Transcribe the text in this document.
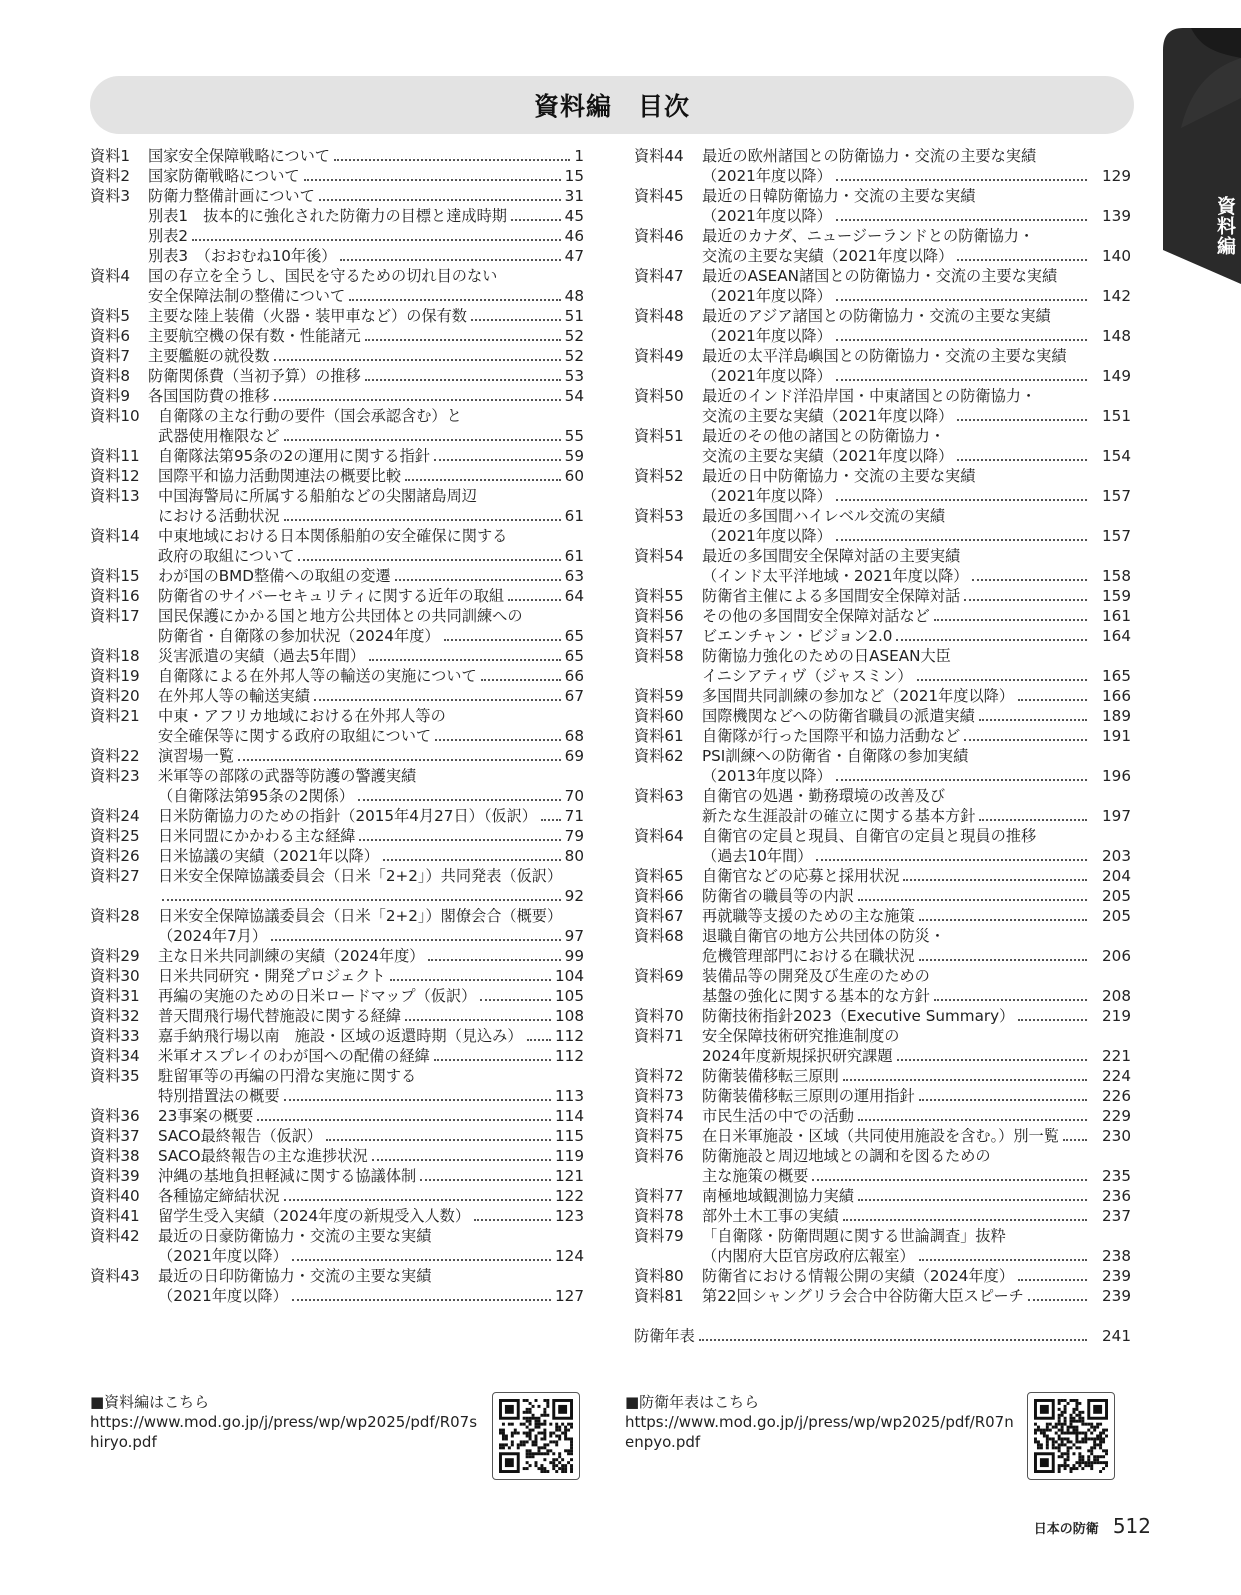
資料編
資料編　目次
資料1	国家安全保障戦略について	1
資料2	国家防衛戦略について	15
資料3	防衛力整備計画について	31
別表1　抜本的に強化された防衛力の目標と達成時期	45
別表2	46
別表3　（おおむね10年後）	47
資料4	国の存立を全うし、国民を守るための切れ目のない
安全保障法制の整備について	48
資料5	主要な陸上装備（火器・装甲車など）の保有数	51
資料6	主要航空機の保有数・性能諸元	52
資料7	主要艦艇の就役数	52
資料8	防衛関係費（当初予算）の推移	53
資料9	各国国防費の推移	54
資料10	自衛隊の主な行動の要件（国会承認含む）と
武器使用権限など	55
資料11	自衛隊法第95条の2の運用に関する指針	59
資料12	国際平和協力活動関連法の概要比較	60
資料13	中国海警局に所属する船舶などの尖閣諸島周辺
における活動状況	61
資料14	中東地域における日本関係船舶の安全確保に関する
政府の取組について	61
資料15	わが国のBMD整備への取組の変遷	63
資料16	防衛省のサイバーセキュリティに関する近年の取組	64
資料17	国民保護にかかる国と地方公共団体との共同訓練への
防衛省・自衛隊の参加状況（2024年度）	65
資料18	災害派遣の実績（過去5年間）	65
資料19	自衛隊による在外邦人等の輸送の実施について	66
資料20	在外邦人等の輸送実績	67
資料21	中東・アフリカ地域における在外邦人等の
安全確保等に関する政府の取組について	68
資料22	演習場一覧	69
資料23	米軍等の部隊の武器等防護の警護実績
（自衛隊法第95条の2関係）	70
資料24	日米防衛協力のための指針（2015年4月27日）（仮訳） 71
資料25	日米同盟にかかわる主な経緯	79
資料26	日米協議の実績（2021年以降）	80
資料27	日米安全保障協議委員会（日米「2+2」）共同発表（仮訳）
92
資料28	日米安全保障協議委員会（日米「2+2」）閣僚会合（概要）
（2024年7月）	97
資料29	主な日米共同訓練の実績（2024年度）	99
資料30	日米共同研究・開発プロジェクト	104
資料31	再編の実施のための日米ロードマップ（仮訳）	105
資料32	普天間飛行場代替施設に関する経緯	108
資料33	嘉手納飛行場以南　施設・区域の返還時期（見込み） 112
資料34	米軍オスプレイのわが国への配備の経緯	112
資料35	駐留軍等の再編の円滑な実施に関する
特別措置法の概要	113
資料36	23事案の概要	114
資料37	SACO最終報告（仮訳）	115
資料38	SACO最終報告の主な進捗状況	119
資料39	沖縄の基地負担軽減に関する協議体制	121
資料40	各種協定締結状況	122
資料41	留学生受入実績（2024年度の新規受入人数）	123
資料42	最近の日豪防衛協力・交流の主要な実績
（2021年度以降）	124
資料43	最近の日印防衛協力・交流の主要な実績
（2021年度以降）	127
資料44	最近の欧州諸国との防衛協力・交流の主要な実績
（2021年度以降）	129
資料45	最近の日韓防衛協力・交流の主要な実績
（2021年度以降）	139
資料46	最近のカナダ、ニュージーランドとの防衛協力・
交流の主要な実績（2021年度以降）	140
資料47	最近のASEAN諸国との防衛協力・交流の主要な実績
（2021年度以降）	142
資料48	最近のアジア諸国との防衛協力・交流の主要な実績
（2021年度以降）	148
資料49	最近の太平洋島嶼国との防衛協力・交流の主要な実績
（2021年度以降）	149
資料50	最近のインド洋沿岸国・中東諸国との防衛協力・
交流の主要な実績（2021年度以降）	151
資料51	最近のその他の諸国との防衛協力・
交流の主要な実績（2021年度以降）	154
資料52	最近の日中防衛協力・交流の主要な実績
（2021年度以降）	157
資料53	最近の多国間ハイレベル交流の実績
（2021年度以降）	157
資料54	最近の多国間安全保障対話の主要実績
（インド太平洋地域・2021年度以降）	158
資料55	防衛省主催による多国間安全保障対話	159
資料56	その他の多国間安全保障対話など	161
資料57	ビエンチャン・ビジョン2.0	164
資料58	防衛協力強化のための日ASEAN大臣
イニシアティヴ（ジャスミン）	165
資料59	多国間共同訓練の参加など（2021年度以降）	166
資料60	国際機関などへの防衛省職員の派遣実績	189
資料61	自衛隊が行った国際平和協力活動など	191
資料62	PSI訓練への防衛省・自衛隊の参加実績
（2013年度以降）	196
資料63	自衛官の処遇・勤務環境の改善及び
新たな生涯設計の確立に関する基本方針	197
資料64	自衛官の定員と現員、自衛官の定員と現員の推移
（過去10年間）	203
資料65	自衛官などの応募と採用状況	204
資料66	防衛省の職員等の内訳	205
資料67	再就職等支援のための主な施策	205
資料68	退職自衛官の地方公共団体の防災・
危機管理部門における在職状況	206
資料69	装備品等の開発及び生産のための
基盤の強化に関する基本的な方針	208
資料70	防衛技術指針2023（Executive Summary）	219
資料71	安全保障技術研究推進制度の
2024年度新規採択研究課題	221
資料72	防衛装備移転三原則	224
資料73	防衛装備移転三原則の運用指針	226
資料74	市民生活の中での活動	229
資料75	在日米軍施設・区域（共同使用施設を含む。）別一覧	230
資料76	防衛施設と周辺地域との調和を図るための
主な施策の概要	235
資料77	南極地域観測協力実績	236
資料78	部外土木工事の実績	237
資料79	「自衛隊・防衛問題に関する世論調査」抜粋
（内閣府大臣官房政府広報室）	238
資料80	防衛省における情報公開の実績（2024年度）	239
資料81	第22回シャングリラ会合中谷防衛大臣スピーチ	239
防衛年表	241
■資料編はこちら
https://www.mod.go.jp/j/press/wp/wp2025/pdf/R07shiryo.pdf
■防衛年表はこちら
https://www.mod.go.jp/j/press/wp/wp2025/pdf/R07nenpyo.pdf
日本の防衛 512
